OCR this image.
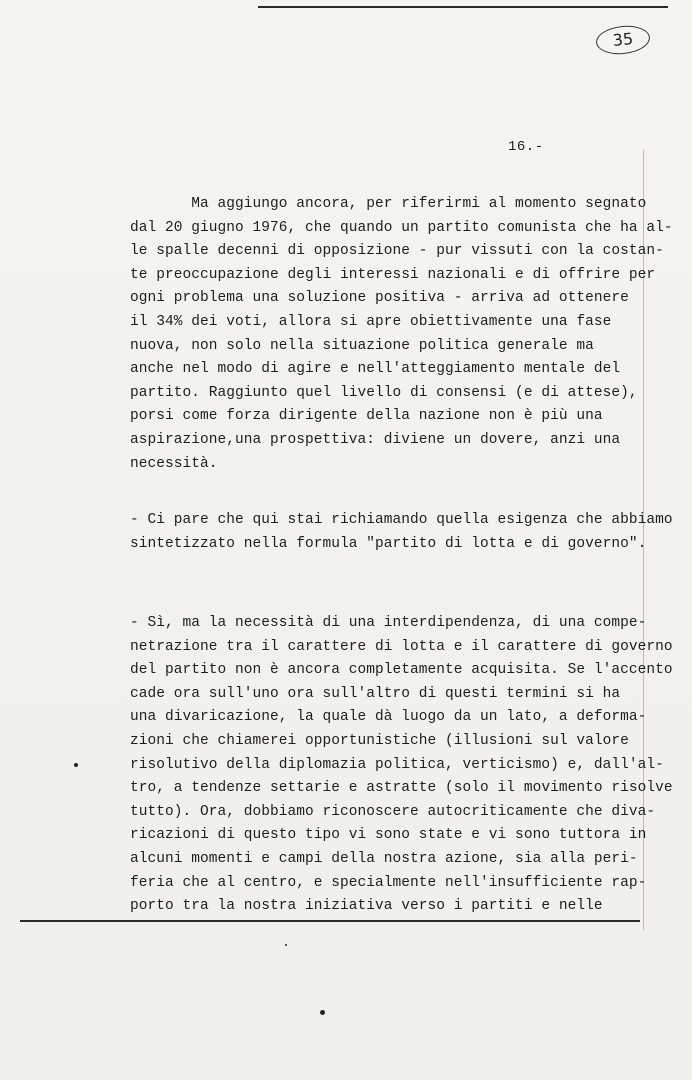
35
16.-

Ma aggiungo ancora, per riferirmi al momento segnato
dal 20 giugno 1976, che quando un partito comunista che ha al-
le spalle decenni di opposizione - pur vissuti con la costan-
te preoccupazione degli interessi nazionali e di offrire per
ogni problema una soluzione positiva - arriva ad ottenere
il 34% dei voti, allora si apre obiettivamente una fase
nuova, non solo nella situazione politica generale ma
anche nel modo di agire e nell'atteggiamento mentale del
partito. Raggiunto quel livello di consensi (e di attese),
porsi come forza dirigente della nazione non è più una
aspirazione,una prospettiva: diviene un dovere, anzi una
necessità.

- Ci pare che qui stai richiamando quella esigenza che abbiamo
sintetizzato nella formula "partito di lotta e di governo".

- Sì, ma la necessità di una interdipendenza, di una compe-
netrazione tra il carattere di lotta e il carattere di governo
del partito non è ancora completamente acquisita. Se l'accento
cade ora sull'uno ora sull'altro di questi termini si ha
una divaricazione, la quale dà luogo da un lato, a deforma-
zioni che chiamerei opportunistiche (illusioni sul valore
risolutivo della diplomazia politica, verticismo) e, dall'al-
tro, a tendenze settarie e astratte (solo il movimento risolve
tutto). Ora, dobbiamo riconoscere autocriticamente che diva-
ricazioni di questo tipo vi sono state e vi sono tuttora in
alcuni momenti e campi della nostra azione, sia alla peri-
feria che al centro, e specialmente nell'insufficiente rap-
porto tra la nostra iniziativa verso i partiti e nelle
